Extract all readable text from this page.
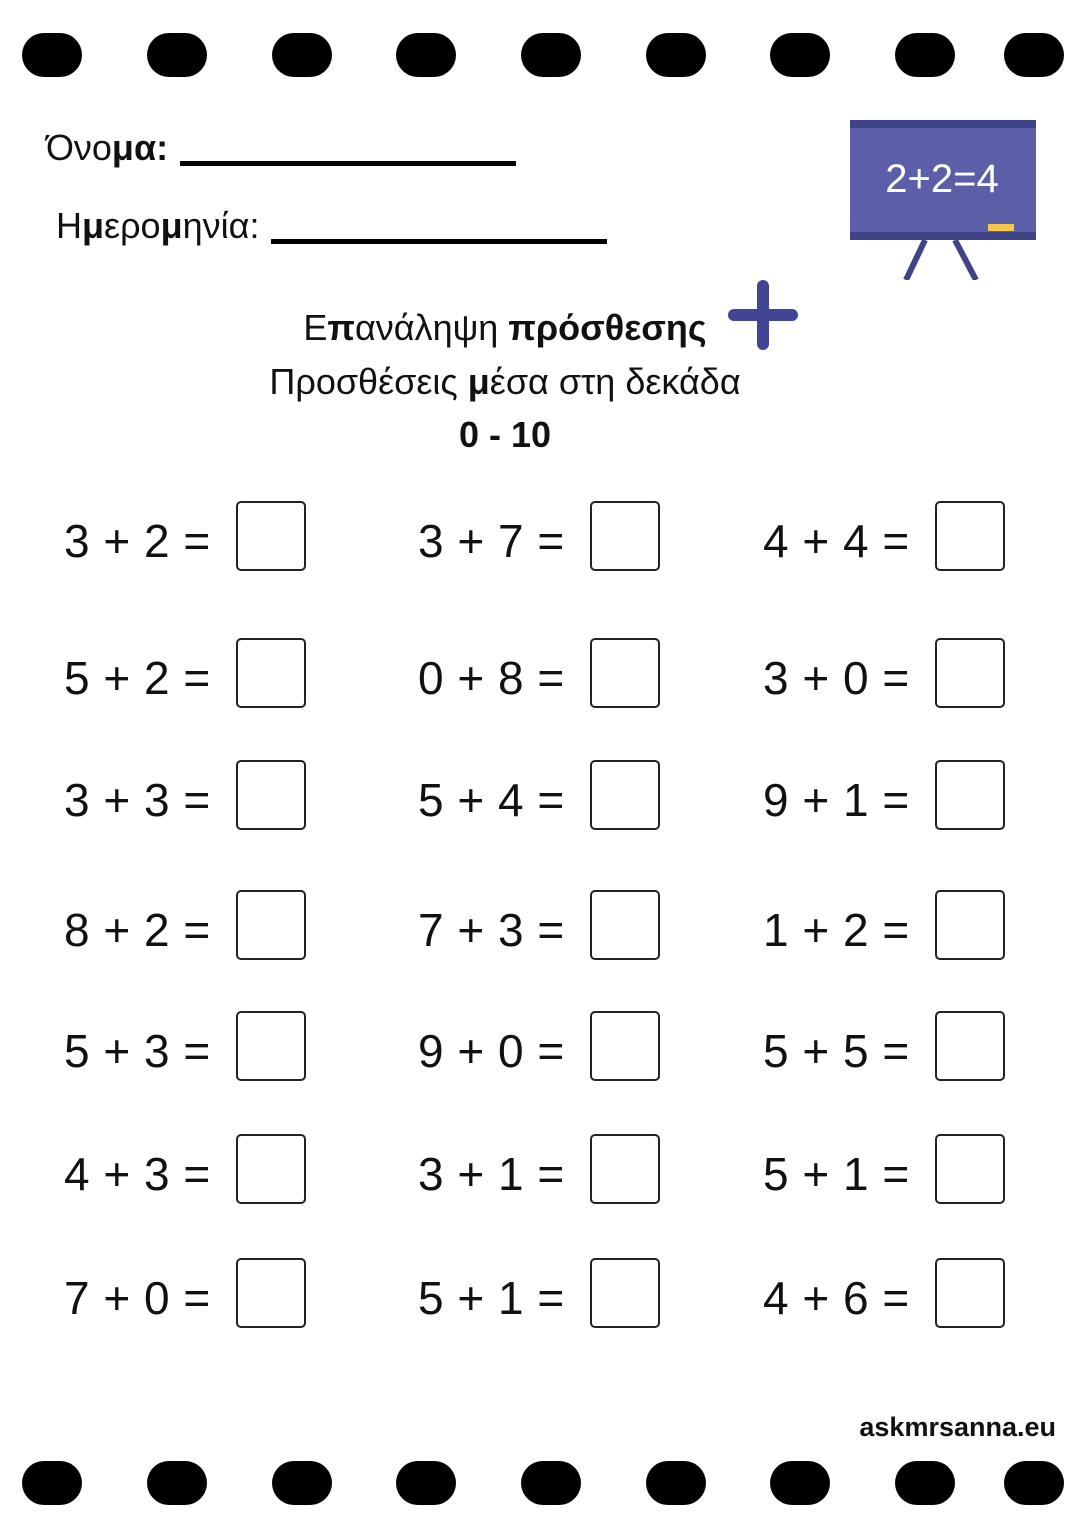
Όνομα:
Ημερομηνία:
2+2=4
Επανάληψη πρόσθεσης
Προσθέσεις μέσα στη δεκάδα
0 - 10
3 + 2 =	3 + 7 =	4 + 4 =
5 + 2 =	0 + 8 =	3 + 0 =
3 + 3 =	5 + 4 =	9 + 1 =
8 + 2 =	7 + 3 =	1 + 2 =
5 + 3 =	9 + 0 =	5 + 5 =
4 + 3 =	3 + 1 =	5 + 1 =
7 + 0 =	5 + 1 =	4 + 6 =
askmrsanna.eu
